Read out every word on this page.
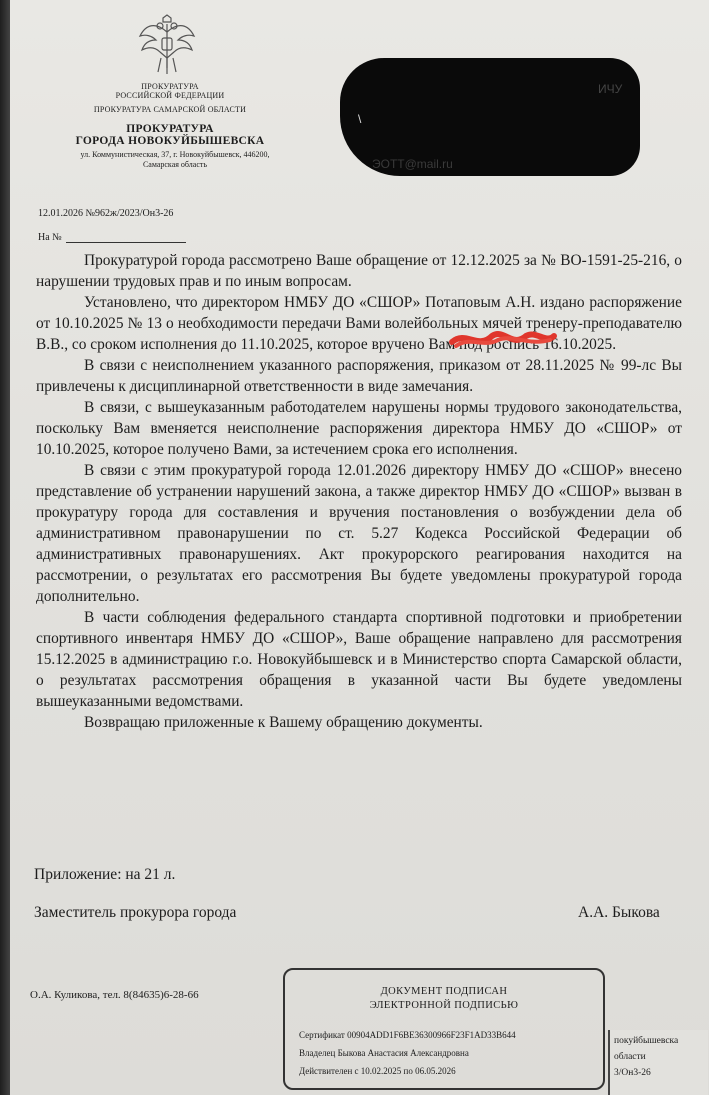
ПРОКУРАТУРА
РОССИЙСКОЙ ФЕДЕРАЦИИ
ПРОКУРАТУРА САМАРСКОЙ ОБЛАСТИ
ПРОКУРАТУРА
ГОРОДА НОВОКУЙБЫШЕВСКА
ул. Коммунистическая, 37, г. Новокуйбышевск, 446200,
Самарская область
ИЧУ
\
ЭОТТ@mail.ru
12.01.2026 №962ж/2023/Он3-26
На №

Прокуратурой города рассмотрено Ваше обращение от 12.12.2025 за № ВО-1591-25-216, о нарушении трудовых прав и по иным вопросам.

Установлено, что директором НМБУ ДО «СШОР» Потаповым А.Н. издано распоряжение от 10.10.2025 № 13 о необходимости передачи Вами волейбольных мячей тренеру-преподавателю В.В., со сроком исполнения до 11.10.2025, которое вручено Вам под роспись 16.10.2025.

В связи с неисполнением указанного распоряжения, приказом от 28.11.2025 № 99-лс Вы привлечены к дисциплинарной ответственности в виде замечания.

В связи, с вышеуказанным работодателем нарушены нормы трудового законодательства, поскольку Вам вменяется неисполнение распоряжения директора НМБУ ДО «СШОР» от 10.10.2025, которое получено Вами, за истечением срока его исполнения.

В связи с этим прокуратурой города 12.01.2026 директору НМБУ ДО «СШОР» внесено представление об устранении нарушений закона, а также директор НМБУ ДО «СШОР» вызван в прокуратуру города для составления и вручения постановления о возбуждении дела об административном правонарушении по ст. 5.27 Кодекса Российской Федерации об административных правонарушениях. Акт прокурорского реагирования находится на рассмотрении, о результатах его рассмотрения Вы будете уведомлены прокуратурой города дополнительно.

В части соблюдения федерального стандарта спортивной подготовки и приобретении спортивного инвентаря НМБУ ДО «СШОР», Ваше обращение направлено для рассмотрения 15.12.2025 в администрацию г.о. Новокуйбышевск и в Министерство спорта Самарской области, о результатах рассмотрения обращения в указанной части Вы будете уведомлены вышеуказанными ведомствами.

Возвращаю приложенные к Вашему обращению документы.

Приложение: на 21 л.
Заместитель прокурора города	А.А. Быкова
О.А. Куликова, тел. 8(84635)6-28-66	ДОКУМЕНТ ПОДПИСАН
ЭЛЕКТРОННОЙ ПОДПИСЬЮ
Сертификат 00904ADD1F6BE36300966F23F1AD33B644
Владелец Быкова Анастасия Александровна
Действителен с 10.02.2025 по 06.05.2026
покуйбышевска
области
3/Он3-26
